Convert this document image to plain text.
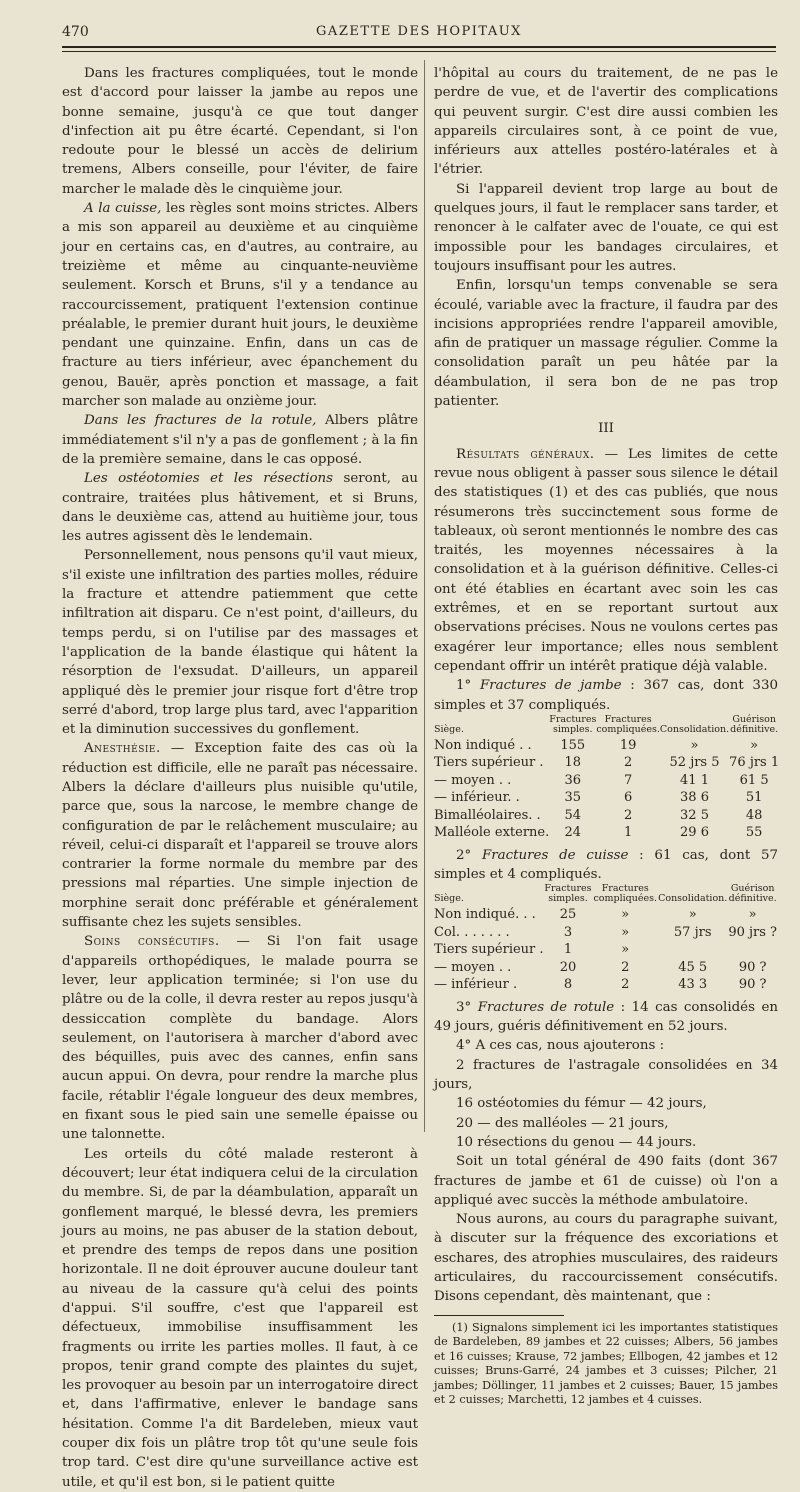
470	GAZETTE DES HOPITAUX

Dans les fractures compliquées, tout le monde est d'accord pour laisser la jambe au repos une bonne semaine, jusqu'à ce que tout danger d'infection ait pu être écarté. Cependant, si l'on redoute pour le blessé un accès de delirium tremens, Albers conseille, pour l'éviter, de faire marcher le malade dès le cinquième jour.

A la cuisse, les règles sont moins strictes. Albers a mis son appareil au deuxième et au cinquième jour en certains cas, en d'autres, au contraire, au treizième et même au cinquante-neuvième seulement. Korsch et Bruns, s'il y a tendance au raccourcissement, pratiquent l'extension continue préalable, le premier durant huit jours, le deuxième pendant une quinzaine. Enfin, dans un cas de fracture au tiers inférieur, avec épanchement du genou, Bauër, après ponction et massage, a fait marcher son malade au onzième jour.

Dans les fractures de la rotule, Albers plâtre immédiatement s'il n'y a pas de gonflement ; à la fin de la première semaine, dans le cas opposé.

Les ostéotomies et les résections seront, au contraire, traitées plus hâtivement, et si Bruns, dans le deuxième cas, attend au huitième jour, tous les autres agissent dès le lendemain.

Personnellement, nous pensons qu'il vaut mieux, s'il existe une infiltration des parties molles, réduire la fracture et attendre patiemment que cette infiltration ait disparu. Ce n'est point, d'ailleurs, du temps perdu, si on l'utilise par des massages et l'application de la bande élastique qui hâtent la résorption de l'exsudat. D'ailleurs, un appareil appliqué dès le premier jour risque fort d'être trop serré d'abord, trop large plus tard, avec l'apparition et la diminution successives du gonflement.

Anesthésie. — Exception faite des cas où la réduction est difficile, elle ne paraît pas nécessaire. Albers la déclare d'ailleurs plus nuisible qu'utile, parce que, sous la narcose, le membre change de configuration de par le relâchement musculaire; au réveil, celui-ci disparaît et l'appareil se trouve alors contrarier la forme normale du membre par des pressions mal réparties. Une simple injection de morphine serait donc préférable et généralement suffisante chez les sujets sensibles.

Soins consécutifs. — Si l'on fait usage d'appareils orthopédiques, le malade pourra se lever, leur application terminée; si l'on use du plâtre ou de la colle, il devra rester au repos jusqu'à dessiccation complète du bandage. Alors seulement, on l'autorisera à marcher d'abord avec des béquilles, puis avec des cannes, enfin sans aucun appui. On devra, pour rendre la marche plus facile, rétablir l'égale longueur des deux membres, en fixant sous le pied sain une semelle épaisse ou une talonnette.

Les orteils du côté malade resteront à découvert; leur état indiquera celui de la circulation du membre. Si, de par la déambulation, apparaît un gonflement marqué, le blessé devra, les premiers jours au moins, ne pas abuser de la station debout, et prendre des temps de repos dans une position horizontale. Il ne doit éprouver aucune douleur tant au niveau de la cassure qu'à celui des points d'appui. S'il souffre, c'est que l'appareil est défectueux, immobilise insuffisamment les fragments ou irrite les parties molles. Il faut, à ce propos, tenir grand compte des plaintes du sujet, les provoquer au besoin par un interrogatoire direct et, dans l'affirmative, enlever le bandage sans hésitation. Comme l'a dit Bardeleben, mieux vaut couper dix fois un plâtre trop tôt qu'une seule fois trop tard. C'est dire qu'une surveillance active est utile, et qu'il est bon, si le patient quitte

l'hôpital au cours du traitement, de ne pas le perdre de vue, et de l'avertir des complications qui peuvent surgir. C'est dire aussi combien les appareils circulaires sont, à ce point de vue, inférieurs aux attelles postéro-latérales et à l'étrier.

Si l'appareil devient trop large au bout de quelques jours, il faut le remplacer sans tarder, et renoncer à le calfater avec de l'ouate, ce qui est impossible pour les bandages circulaires, et toujours insuffisant pour les autres.

Enfin, lorsqu'un temps convenable se sera écoulé, variable avec la fracture, il faudra par des incisions appropriées rendre l'appareil amovible, afin de pratiquer un massage régulier. Comme la consolidation paraît un peu hâtée par la déambulation, il sera bon de ne pas trop patienter.

III

Résultats généraux. — Les limites de cette revue nous obligent à passer sous silence le détail des statistiques (1) et des cas publiés, que nous résumerons très succinctement sous forme de tableaux, où seront mentionnés le nombre des cas traités, les moyennes nécessaires à la consolidation et à la guérison définitive. Celles-ci ont été établies en écartant avec soin les cas extrêmes, et en se reportant surtout aux observations précises. Nous ne voulons certes pas exagérer leur importance; elles nous semblent cependant offrir un intérêt pratique déjà valable.

1° Fractures de jambe : 367 cas, dont 330 simples et 37 compliqués.

Siège.	Fractures simples.	Fractures compliquées.	Consolidation.	Guérison définitive.
Non indiqué . .	155	19	»	»
Tiers supérieur .	18	2	52 jrs 5	76 jrs 1
— moyen . .	36	7	41 1	61 5
— inférieur. .	35	6	38 6	51
Bimalléolaires. .	54	2	32 5	48
Malléole externe.	24	1	29 6	55

2° Fractures de cuisse : 61 cas, dont 57 simples et 4 compliqués.

Siège.	Fractures simples.	Fractures compliquées.	Consolidation.	Guérison définitive.
Non indiqué. . .	25	»	»	»
Col. . . . . . .	3	»	57 jrs	90 jrs ?
Tiers supérieur .	1	»		
— moyen . .	20	2	45 5	90 ?
— inférieur .	8	2	43 3	90 ?

3° Fractures de rotule : 14 cas consolidés en 49 jours, guéris définitivement en 52 jours.

4° A ces cas, nous ajouterons :

2 fractures de l'astragale consolidées en 34 jours,

16 ostéotomies du fémur — 42 jours,

20 — des malléoles — 21 jours,

10 résections du genou — 44 jours.

Soit un total général de 490 faits (dont 367 fractures de jambe et 61 de cuisse) où l'on a appliqué avec succès la méthode ambulatoire.

Nous aurons, au cours du paragraphe suivant, à discuter sur la fréquence des excoriations et eschares, des atrophies musculaires, des raideurs articulaires, du raccourcissement consécutifs. Disons cependant, dès maintenant, que :

(1) Signalons simplement ici les importantes statistiques de Bardeleben, 89 jambes et 22 cuisses; Albers, 56 jambes et 16 cuisses; Krause, 72 jambes; Ellbogen, 42 jambes et 12 cuisses; Bruns-Garré, 24 jambes et 3 cuisses; Pilcher, 21 jambes; Döllinger, 11 jambes et 2 cuisses; Bauer, 15 jambes et 2 cuisses; Marchetti, 12 jambes et 4 cuisses.
